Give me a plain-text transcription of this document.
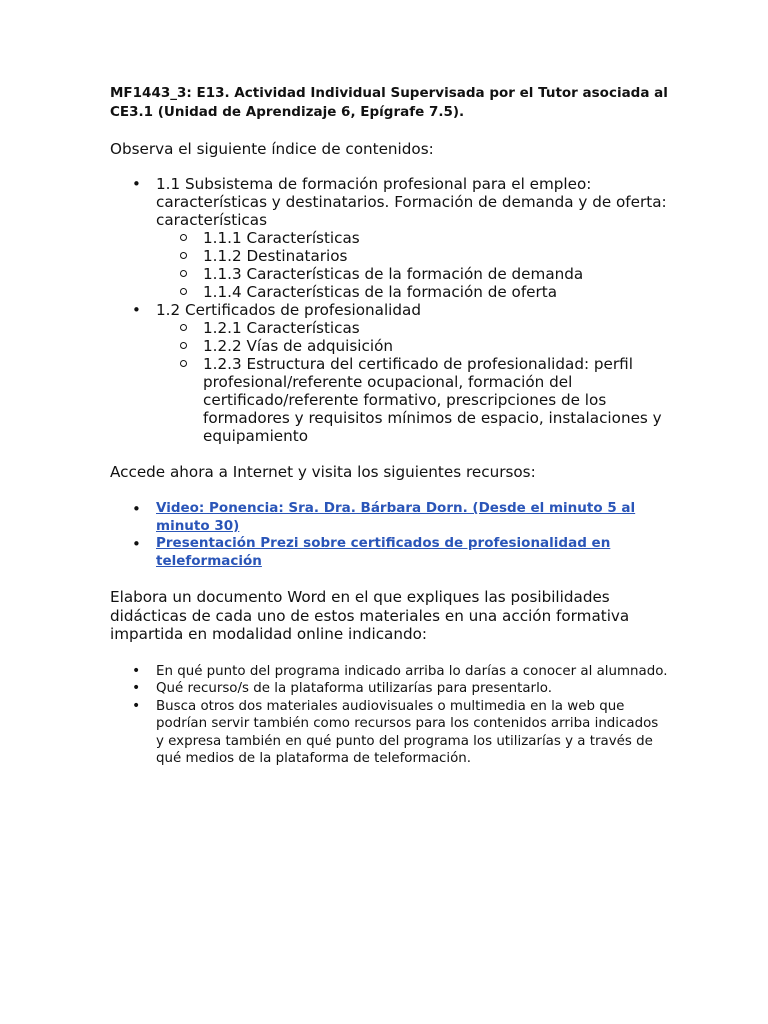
MF1443_3: E13. Actividad Individual Supervisada por el Tutor asociada al CE3.1 (Unidad de Aprendizaje 6, Epígrafe 7.5).

Observa el siguiente índice de contenidos:

• 1.1 Subsistema de formación profesional para el empleo: características y destinatarios. Formación de demanda y de oferta: características
1.1.1 Características
1.1.2 Destinatarios
1.1.3 Características de la formación de demanda
1.1.4 Características de la formación de oferta
• 1.2 Certificados de profesionalidad
1.2.1 Características
1.2.2 Vías de adquisición
1.2.3 Estructura del certificado de profesionalidad: perfil profesional/referente ocupacional, formación del certificado/referente formativo, prescripciones de los formadores y requisitos mínimos de espacio, instalaciones y equipamiento

Accede ahora a Internet y visita los siguientes recursos:

• Video: Ponencia: Sra. Dra. Bárbara Dorn. (Desde el minuto 5 al minuto 30)
• Presentación Prezi sobre certificados de profesionalidad en teleformación

Elabora un documento Word en el que expliques las posibilidades didácticas de cada uno de estos materiales en una acción formativa impartida en modalidad online indicando:

• En qué punto del programa indicado arriba lo darías a conocer al alumnado.
• Qué recurso/s de la plataforma utilizarías para presentarlo.
• Busca otros dos materiales audiovisuales o multimedia en la web que podrían servir también como recursos para los contenidos arriba indicados y expresa también en qué punto del programa los utilizarías y a través de qué medios de la plataforma de teleformación.
